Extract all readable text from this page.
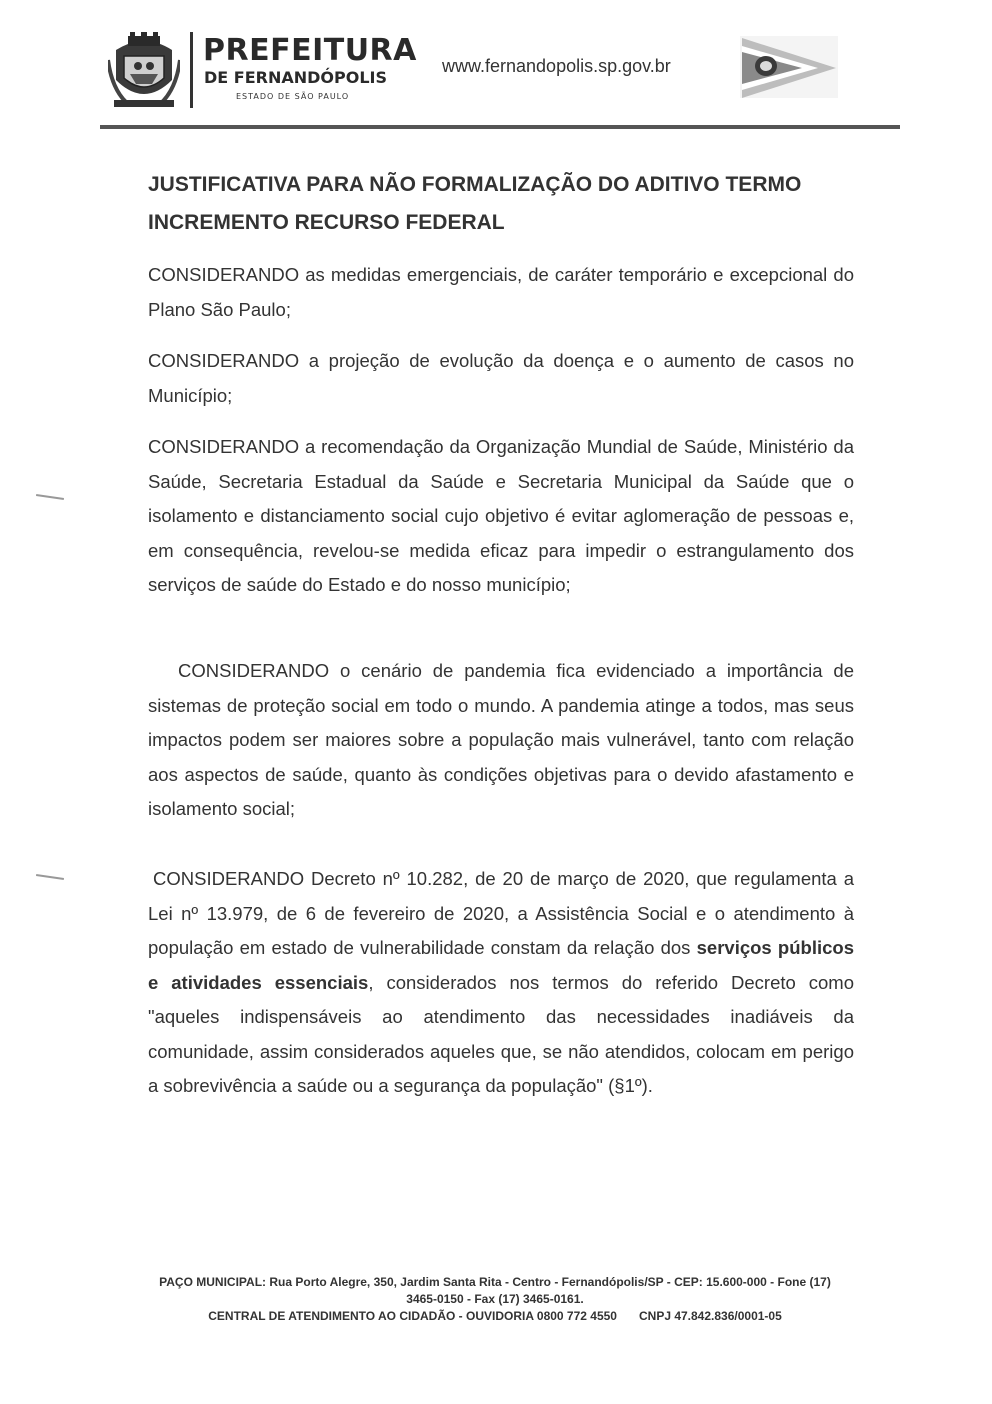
PREFEITURA
DE FERNANDÓPOLIS
ESTADO DE SÃO PAULO
www.fernandopolis.sp.gov.br
JUSTIFICATIVA PARA NÃO FORMALIZAÇÃO DO ADITIVO TERMO
INCREMENTO RECURSO FEDERAL
CONSIDERANDO as medidas emergenciais, de caráter temporário e excepcional do Plano São Paulo;
CONSIDERANDO a projeção de evolução da doença e o aumento de casos no Município;
CONSIDERANDO a recomendação da Organização Mundial de Saúde, Ministério da Saúde, Secretaria Estadual da Saúde e Secretaria Municipal da Saúde que o isolamento e distanciamento social cujo objetivo é evitar aglomeração de pessoas e, em consequência, revelou-se medida eficaz para impedir o estrangulamento dos serviços de saúde do Estado e do nosso município;
CONSIDERANDO o cenário de pandemia fica evidenciado a importância de sistemas de proteção social em todo o mundo. A pandemia atinge a todos, mas seus impactos podem ser maiores sobre a população mais vulnerável, tanto com relação aos aspectos de saúde, quanto às condições objetivas para o devido afastamento e isolamento social;
CONSIDERANDO Decreto nº 10.282, de 20 de março de 2020, que regulamenta a Lei nº 13.979, de 6 de fevereiro de 2020, a Assistência Social e o atendimento à população em estado de vulnerabilidade constam da relação dos serviços públicos e atividades essenciais, considerados nos termos do referido Decreto como "aqueles indispensáveis ao atendimento das necessidades inadiáveis da comunidade, assim considerados aqueles que, se não atendidos, colocam em perigo a sobrevivência a saúde ou a segurança da população" (§1º).
PAÇO MUNICIPAL: Rua Porto Alegre, 350, Jardim Santa Rita - Centro - Fernandópolis/SP - CEP: 15.600-000 - Fone (17)
3465-0150 - Fax (17) 3465-0161.
CENTRAL DE ATENDIMENTO AO CIDADÃO - OUVIDORIA 0800 772 4550 CNPJ 47.842.836/0001-05
